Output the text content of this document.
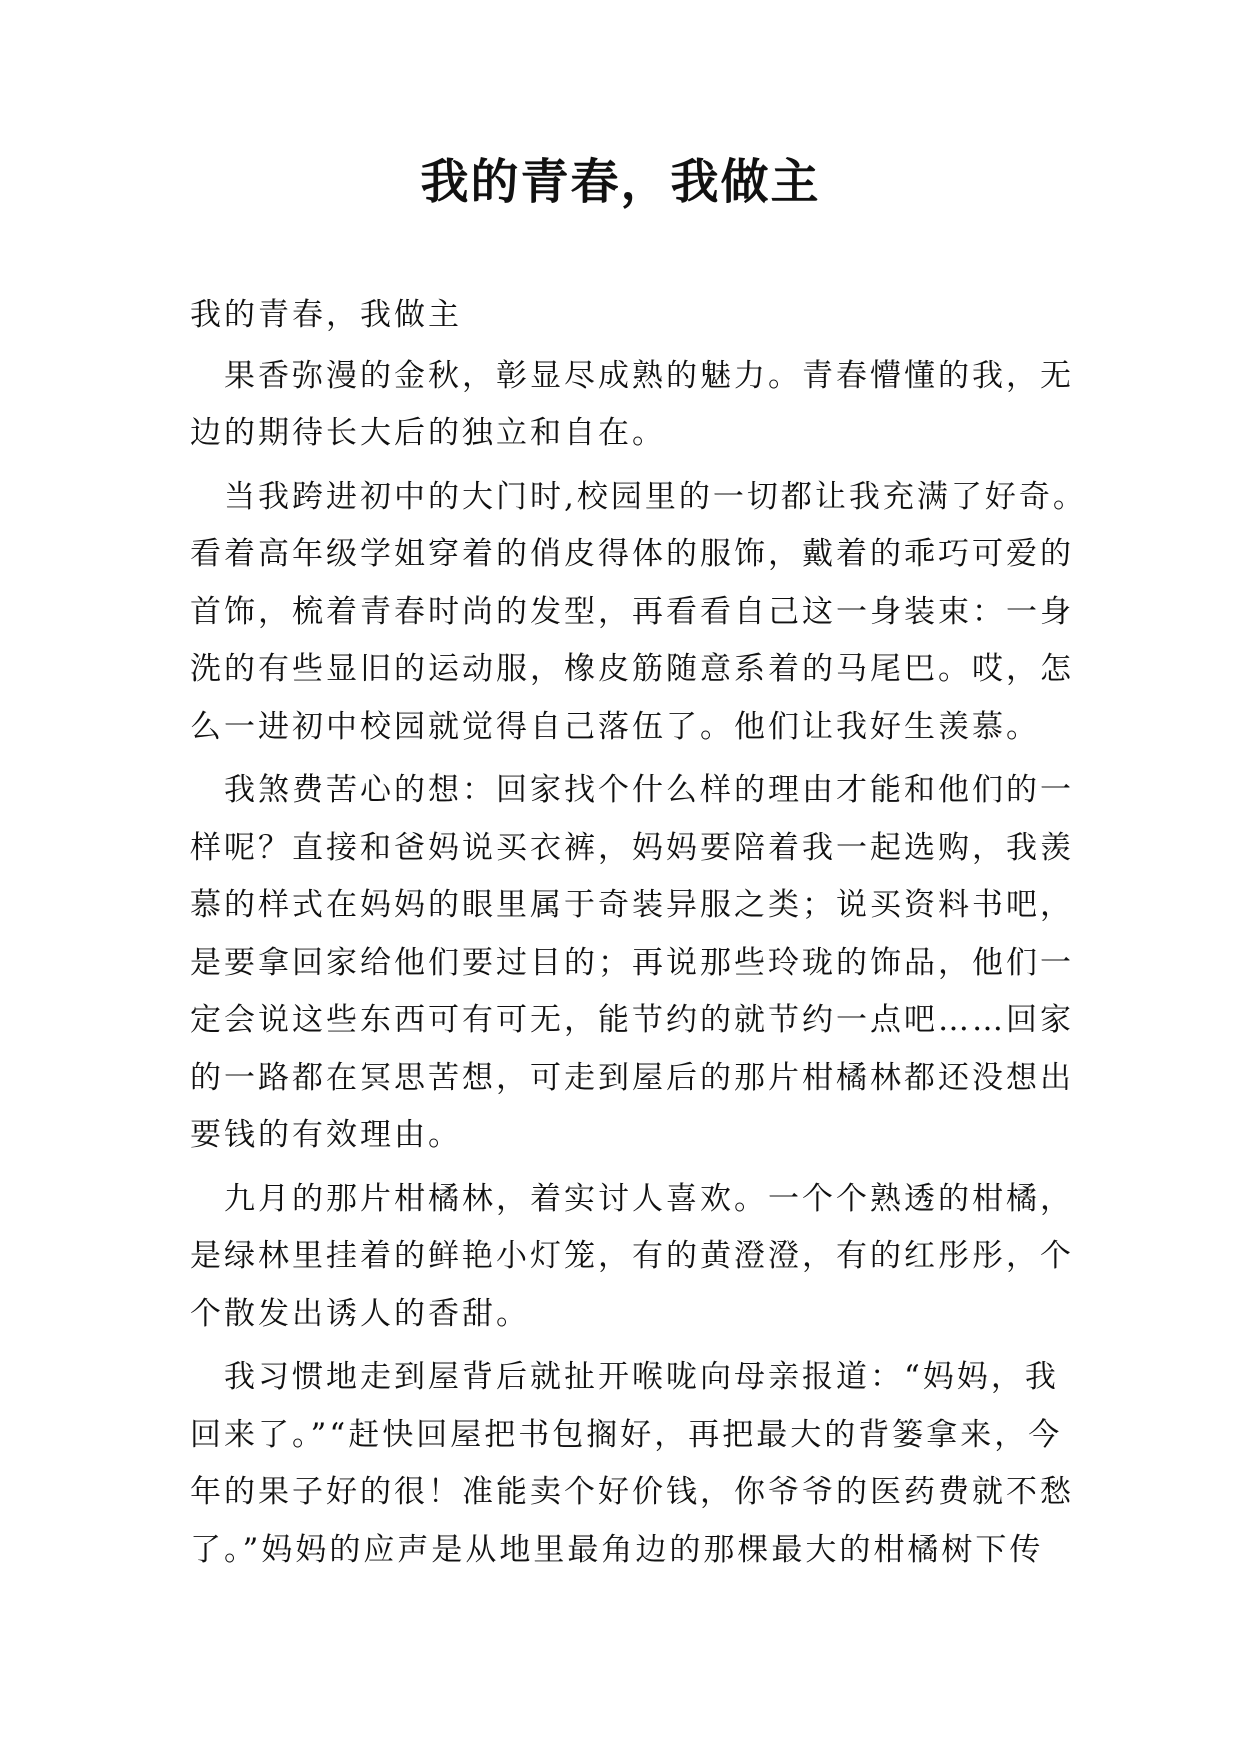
我的青春，我做主

我的青春，我做主

果香弥漫的金秋，彰显尽成熟的魅力。青春懵懂的我，无
边的期待长大后的独立和自在。

当我跨进初中的大门时,校园里的一切都让我充满了好奇。
看着高年级学姐穿着的俏皮得体的服饰，戴着的乖巧可爱的
首饰，梳着青春时尚的发型，再看看自己这一身装束：一身
洗的有些显旧的运动服，橡皮筋随意系着的马尾巴。哎，怎
么一进初中校园就觉得自己落伍了。他们让我好生羡慕。

我煞费苦心的想：回家找个什么样的理由才能和他们的一
样呢？直接和爸妈说买衣裤，妈妈要陪着我一起选购，我羡
慕的样式在妈妈的眼里属于奇装异服之类；说买资料书吧，
是要拿回家给他们要过目的；再说那些玲珑的饰品，他们一
定会说这些东西可有可无，能节约的就节约一点吧……回家
的一路都在冥思苦想，可走到屋后的那片柑橘林都还没想出
要钱的有效理由。

九月的那片柑橘林，着实讨人喜欢。一个个熟透的柑橘，
是绿林里挂着的鲜艳小灯笼，有的黄澄澄，有的红彤彤，个
个散发出诱人的香甜。

我习惯地走到屋背后就扯开喉咙向母亲报道：“妈妈，我
回来了。”“赶快回屋把书包搁好，再把最大的背篓拿来，今
年的果子好的很！准能卖个好价钱，你爷爷的医药费就不愁
了。”妈妈的应声是从地里最角边的那棵最大的柑橘树下传
